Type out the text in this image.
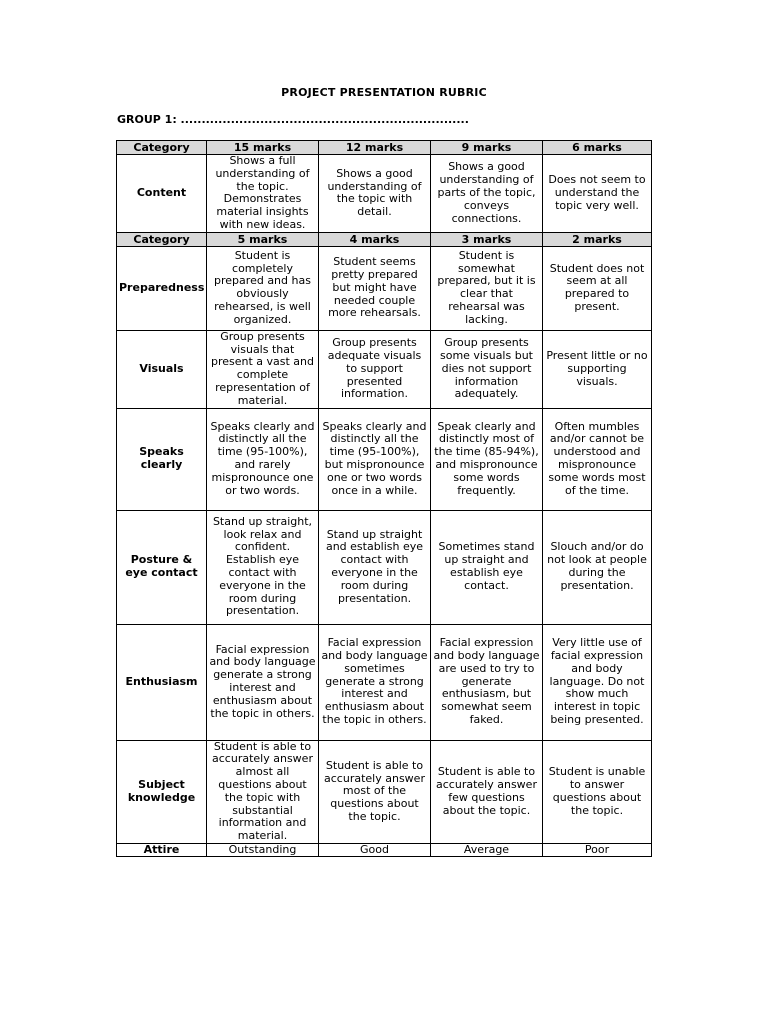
PROJECT PRESENTATION RUBRIC
GROUP 1: .....................................................................
Category	15 marks	12 marks	9 marks	6 marks
Content	Shows a full understanding of the topic. Demonstrates material insights with new ideas.	Shows a good understanding of the topic with detail.	Shows a good understanding of parts of the topic, conveys connections.	Does not seem to understand the topic very well.
Category	5 marks	4 marks	3 marks	2 marks
Preparedness	Student is completely prepared and has obviously rehearsed, is well organized.	Student seems pretty prepared but might have needed couple more rehearsals.	Student is somewhat prepared, but it is clear that rehearsal was lacking.	Student does not seem at all prepared to present.
Visuals	Group presents visuals that present a vast and complete representation of material.	Group presents adequate visuals to support presented information.	Group presents some visuals but dies not support information adequately.	Present little or no supporting visuals.
Speaks clearly	Speaks clearly and distinctly all the time (95-100%), and rarely mispronounce one or two words.	Speaks clearly and distinctly all the time (95-100%), but mispronounce one or two words once in a while.	Speak clearly and distinctly most of the time (85-94%), and mispronounce some words frequently.	Often mumbles and/or cannot be understood and mispronounce some words most of the time.
Posture & eye contact	Stand up straight, look relax and confident. Establish eye contact with everyone in the room during presentation.	Stand up straight and establish eye contact with everyone in the room during presentation.	Sometimes stand up straight and establish eye contact.	Slouch and/or do not look at people during the presentation.
Enthusiasm	Facial expression and body language generate a strong interest and enthusiasm about the topic in others.	Facial expression and body language sometimes generate a strong interest and enthusiasm about the topic in others.	Facial expression and body language are used to try to generate enthusiasm, but somewhat seem faked.	Very little use of facial expression and body language. Do not show much interest in topic being presented.
Subject knowledge	Student is able to accurately answer almost all questions about the topic with substantial information and material.	Student is able to accurately answer most of the questions about the topic.	Student is able to accurately answer few questions about the topic.	Student is unable to answer questions about the topic.
Attire	Outstanding	Good	Average	Poor
